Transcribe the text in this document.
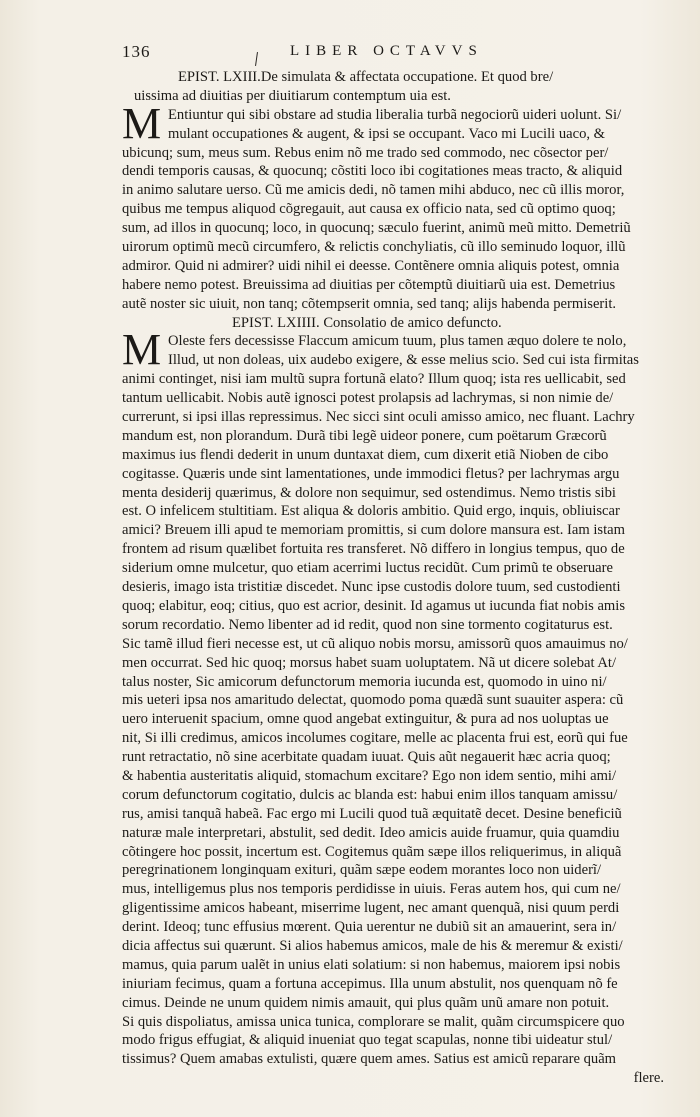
136	LIBER OCTAVVS
EPIST. LXIII.De simulata & affectata occupatione. Et quod bre/
uissima ad diuitias per diuitiarum contemptum uia est.
M Entiuntur qui sibi obstare ad studia liberalia turbã negociorũ uideri uolunt. Si/
mulant occupationes & augent, & ipsi se occupant. Vaco mi Lucili uaco, &
ubicunq; sum, meus sum. Rebus enim nõ me trado sed commodo, nec cõsector per/
dendi temporis causas, & quocunq; cõstiti loco ibi cogitationes meas tracto, & aliquid
in animo salutare uerso. Cũ me amicis dedi, nõ tamen mihi abduco, nec cũ illis moror,
quibus me tempus aliquod cõgregauit, aut causa ex officio nata, sed cũ optimo quoq;
sum, ad illos in quocunq; loco, in quocunq; sæculo fuerint, animũ meũ mitto. Demetriũ
uirorum optimũ mecũ circumfero, & relictis conchyliatis, cũ illo seminudo loquor, illũ
admiror. Quid ni admirer? uidi nihil ei deesse. Contẽnere omnia aliquis potest, omnia
habere nemo potest. Breuissima ad diuitias per cõtemptũ diuitiarũ uia est. Demetrius
autẽ noster sic uiuit, non tanq; cõtempserit omnia, sed tanq; alijs habenda permiserit.
EPIST. LXIIII. Consolatio de amico defuncto.
M Oleste fers decessisse Flaccum amicum tuum, plus tamen æquo dolere te nolo,
Illud, ut non doleas, uix audebo exigere, & esse melius scio. Sed cui ista firmitas
animi continget, nisi iam multũ supra fortunã elato? Illum quoq; ista res uellicabit, sed
tantum uellicabit. Nobis autẽ ignosci potest prolapsis ad lachrymas, si non nimie de/
currerunt, si ipsi illas repressimus. Nec sicci sint oculi amisso amico, nec fluant. Lachry
mandum est, non plorandum. Durã tibi legẽ uideor ponere, cum poëtarum Græcorũ
maximus ius flendi dederit in unum duntaxat diem, cum dixerit etiã Nioben de cibo
cogitasse. Quæris unde sint lamentationes, unde immodici fletus? per lachrymas argu
menta desiderij quærimus, & dolore non sequimur, sed ostendimus. Nemo tristis sibi
est. O infelicem stultitiam. Est aliqua & doloris ambitio. Quid ergo, inquis, obliuiscar
amici? Breuem illi apud te memoriam promittis, si cum dolore mansura est. Iam istam
frontem ad risum quælibet fortuita res transferet. Nõ differo in longius tempus, quo de
siderium omne mulcetur, quo etiam acerrimi luctus recidũt. Cum primũ te obseruare
desieris, imago ista tristitiæ discedet. Nunc ipse custodis dolore tuum, sed custodienti
quoq; elabitur, eoq; citius, quo est acrior, desinit. Id agamus ut iucunda fiat nobis amis
sorum recordatio. Nemo libenter ad id redit, quod non sine tormento cogitaturus est.
Sic tamẽ illud fieri necesse est, ut cũ aliquo nobis morsu, amissorũ quos amauimus no/
men occurrat. Sed hic quoq; morsus habet suam uoluptatem. Nã ut dicere solebat At/
talus noster, Sic amicorum defunctorum memoria iucunda est, quomodo in uino ni/
mis ueteri ipsa nos amaritudo delectat, quomodo poma quædã sunt suauiter aspera: cũ
uero interuenit spacium, omne quod angebat extinguitur, & pura ad nos uoluptas ue
nit, Si illi credimus, amicos incolumes cogitare, melle ac placenta frui est, eorũ qui fue
runt retractatio, nõ sine acerbitate quadam iuuat. Quis aũt negauerit hæc acria quoq;
& habentia austeritatis aliquid, stomachum excitare? Ego non idem sentio, mihi ami/
corum defunctorum cogitatio, dulcis ac blanda est: habui enim illos tanquam amissu/
rus, amisi tanquã habeã. Fac ergo mi Lucili quod tuã æquitatẽ decet. Desine beneficiũ
naturæ male interpretari, abstulit, sed dedit. Ideo amicis auide fruamur, quia quamdiu
cõtingere hoc possit, incertum est. Cogitemus quãm sæpe illos reliquerimus, in aliquã
peregrinationem longinquam exituri, quãm sæpe eodem morantes loco non uiderĩ/
mus, intelligemus plus nos temporis perdidisse in uiuis. Feras autem hos, qui cum ne/
gligentissime amicos habeant, miserrime lugent, nec amant quenquã, nisi quum perdi
derint. Ideoq; tunc effusius mœrent. Quia uerentur ne dubiũ sit an amauerint, sera in/
dicia affectus sui quærunt. Si alios habemus amicos, male de his & meremur & existi/
mamus, quia parum ualẽt in unius elati solatium: si non habemus, maiorem ipsi nobis
iniuriam fecimus, quam a fortuna accepimus. Illa unum abstulit, nos quenquam nõ fe
cimus. Deinde ne unum quidem nimis amauit, qui plus quãm unũ amare non potuit.
Si quis dispoliatus, amissa unica tunica, complorare se malit, quãm circumspicere quo
modo frigus effugiat, & aliquid inueniat quo tegat scapulas, nonne tibi uideatur stul/
tissimus? Quem amabas extulisti, quære quem ames. Satius est amicũ reparare quãm
flere.
